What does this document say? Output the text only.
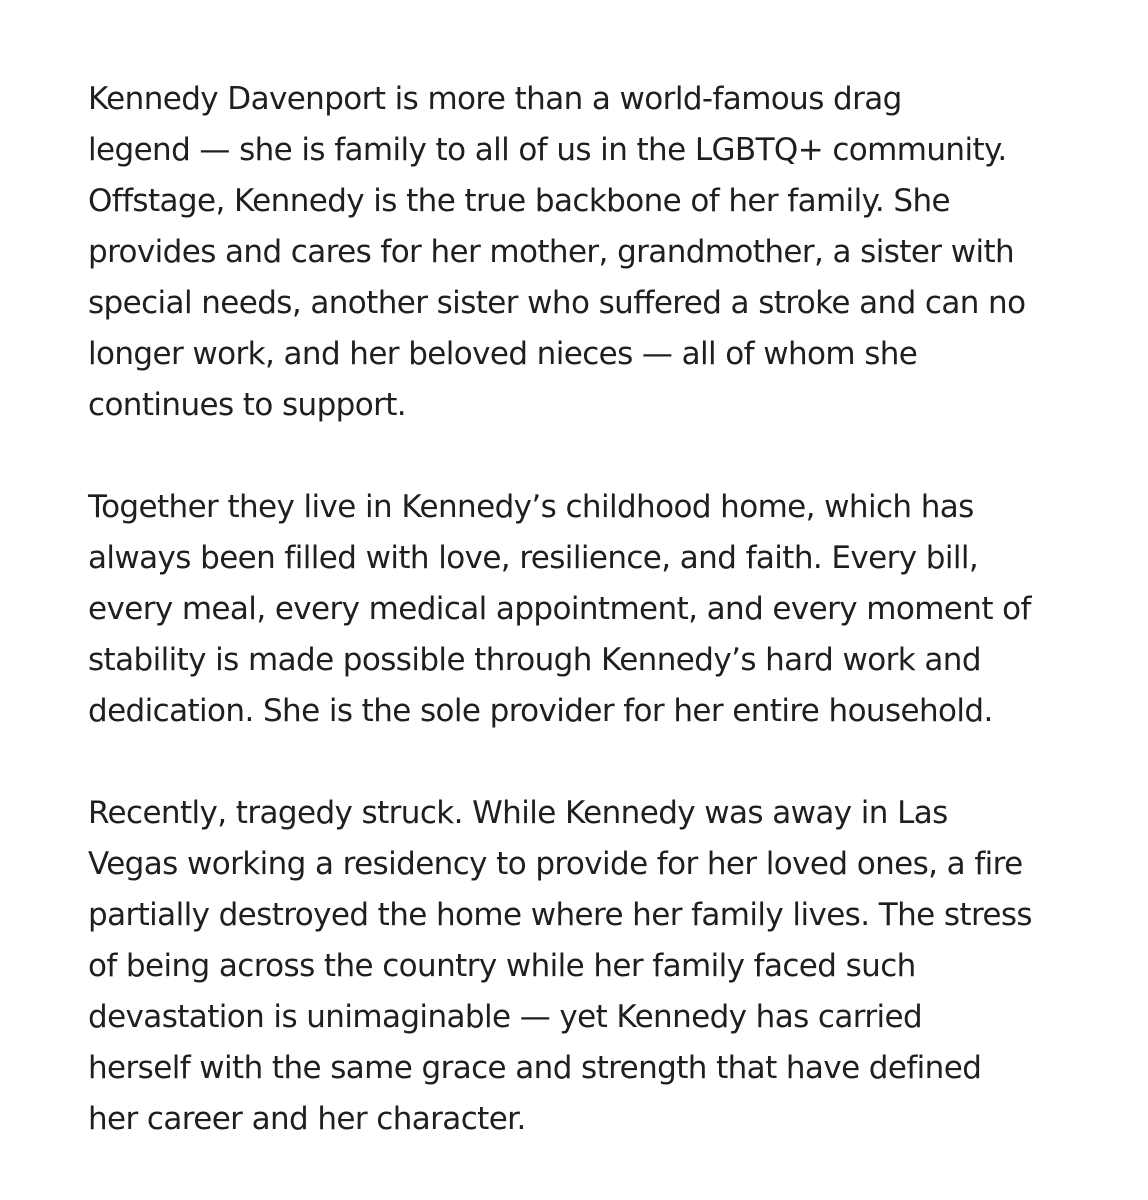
Kennedy Davenport is more than a world-famous drag
legend — she is family to all of us in the LGBTQ+ community.
Offstage, Kennedy is the true backbone of her family. She
provides and cares for her mother, grandmother, a sister with
special needs, another sister who suffered a stroke and can no
longer work, and her beloved nieces — all of whom she
continues to support.

Together they live in Kennedy’s childhood home, which has
always been filled with love, resilience, and faith. Every bill,
every meal, every medical appointment, and every moment of
stability is made possible through Kennedy’s hard work and
dedication. She is the sole provider for her entire household.

Recently, tragedy struck. While Kennedy was away in Las
Vegas working a residency to provide for her loved ones, a fire
partially destroyed the home where her family lives. The stress
of being across the country while her family faced such
devastation is unimaginable — yet Kennedy has carried
herself with the same grace and strength that have defined
her career and her character.
